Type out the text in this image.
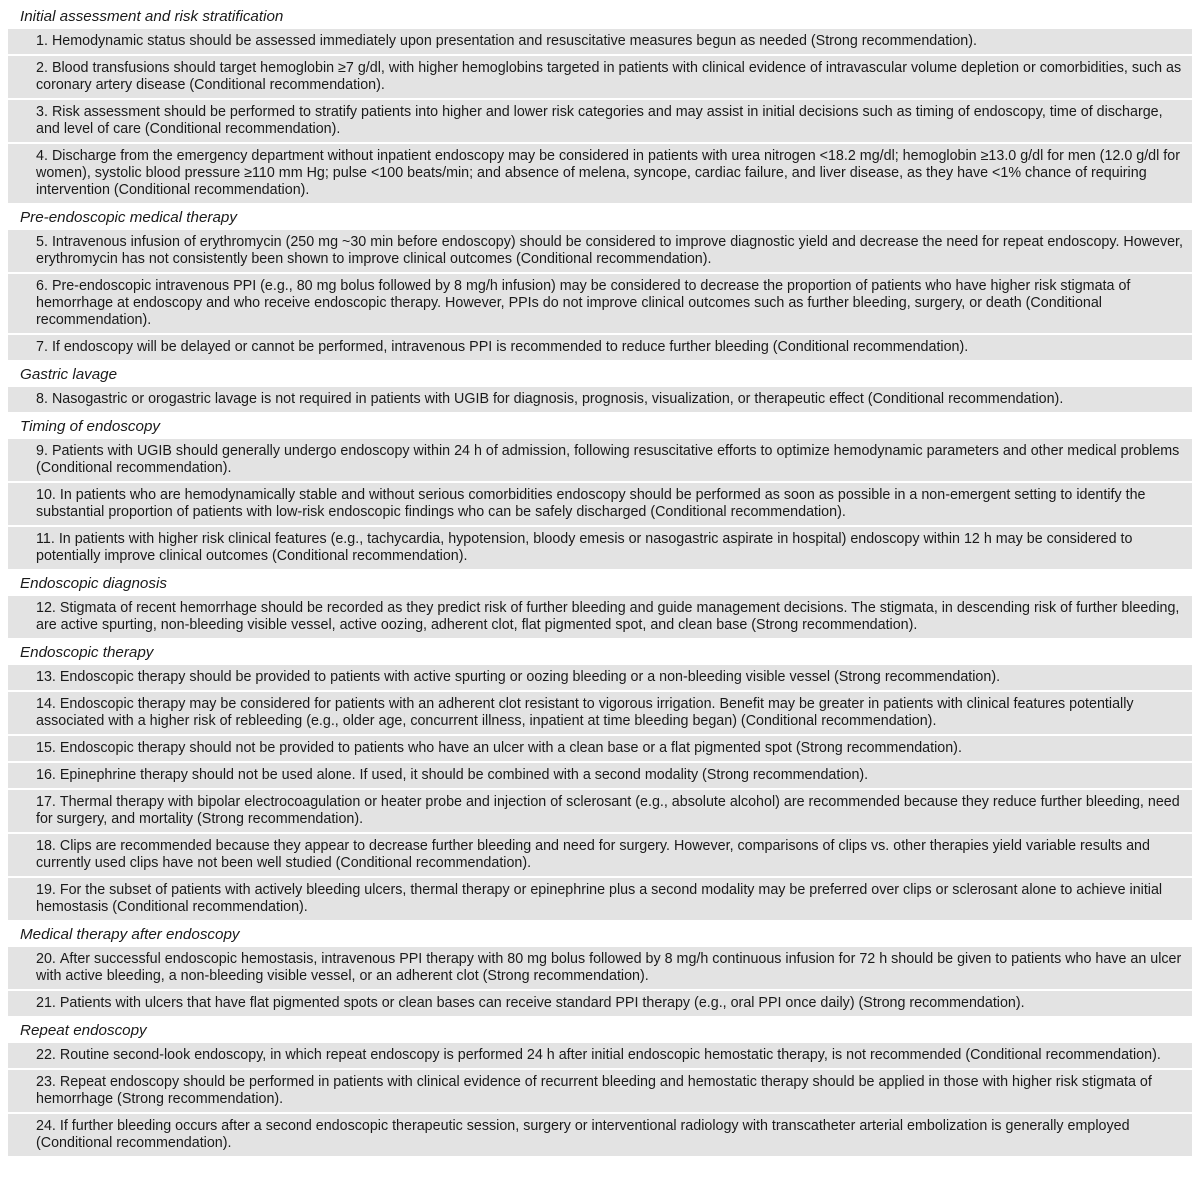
Initial assessment and risk stratification
1. Hemodynamic status should be assessed immediately upon presentation and resuscitative measures begun as needed (Strong recommendation).
2. Blood transfusions should target hemoglobin ≥7 g/dl, with higher hemoglobins targeted in patients with clinical evidence of intravascular volume depletion or comorbidities, such as coronary artery disease (Conditional recommendation).
3. Risk assessment should be performed to stratify patients into higher and lower risk categories and may assist in initial decisions such as timing of endoscopy, time of discharge, and level of care (Conditional recommendation).
4. Discharge from the emergency department without inpatient endoscopy may be considered in patients with urea nitrogen <18.2 mg/dl; hemoglobin ≥13.0 g/dl for men (12.0 g/dl for women), systolic blood pressure ≥110 mm Hg; pulse <100 beats/min; and absence of melena, syncope, cardiac failure, and liver disease, as they have <1% chance of requiring intervention (Conditional recommendation).
Pre-endoscopic medical therapy
5. Intravenous infusion of erythromycin (250 mg ~30 min before endoscopy) should be considered to improve diagnostic yield and decrease the need for repeat endoscopy. However, erythromycin has not consistently been shown to improve clinical outcomes (Conditional recommendation).
6. Pre-endoscopic intravenous PPI (e.g., 80 mg bolus followed by 8 mg/h infusion) may be considered to decrease the proportion of patients who have higher risk stigmata of hemorrhage at endoscopy and who receive endoscopic therapy. However, PPIs do not improve clinical outcomes such as further bleeding, surgery, or death (Conditional recommendation).
7. If endoscopy will be delayed or cannot be performed, intravenous PPI is recommended to reduce further bleeding (Conditional recommendation).
Gastric lavage
8. Nasogastric or orogastric lavage is not required in patients with UGIB for diagnosis, prognosis, visualization, or therapeutic effect (Conditional recommendation).
Timing of endoscopy
9. Patients with UGIB should generally undergo endoscopy within 24 h of admission, following resuscitative efforts to optimize hemodynamic parameters and other medical problems (Conditional recommendation).
10. In patients who are hemodynamically stable and without serious comorbidities endoscopy should be performed as soon as possible in a non-emergent setting to identify the substantial proportion of patients with low-risk endoscopic findings who can be safely discharged (Conditional recommendation).
11. In patients with higher risk clinical features (e.g., tachycardia, hypotension, bloody emesis or nasogastric aspirate in hospital) endoscopy within 12 h may be considered to potentially improve clinical outcomes (Conditional recommendation).
Endoscopic diagnosis
12. Stigmata of recent hemorrhage should be recorded as they predict risk of further bleeding and guide management decisions. The stigmata, in descending risk of further bleeding, are active spurting, non-bleeding visible vessel, active oozing, adherent clot, flat pigmented spot, and clean base (Strong recommendation).
Endoscopic therapy
13. Endoscopic therapy should be provided to patients with active spurting or oozing bleeding or a non-bleeding visible vessel (Strong recommendation).
14. Endoscopic therapy may be considered for patients with an adherent clot resistant to vigorous irrigation. Benefit may be greater in patients with clinical features potentially associated with a higher risk of rebleeding (e.g., older age, concurrent illness, inpatient at time bleeding began) (Conditional recommendation).
15. Endoscopic therapy should not be provided to patients who have an ulcer with a clean base or a flat pigmented spot (Strong recommendation).
16. Epinephrine therapy should not be used alone. If used, it should be combined with a second modality (Strong recommendation).
17. Thermal therapy with bipolar electrocoagulation or heater probe and injection of sclerosant (e.g., absolute alcohol) are recommended because they reduce further bleeding, need for surgery, and mortality (Strong recommendation).
18. Clips are recommended because they appear to decrease further bleeding and need for surgery. However, comparisons of clips vs. other therapies yield variable results and currently used clips have not been well studied (Conditional recommendation).
19. For the subset of patients with actively bleeding ulcers, thermal therapy or epinephrine plus a second modality may be preferred over clips or sclerosant alone to achieve initial hemostasis (Conditional recommendation).
Medical therapy after endoscopy
20. After successful endoscopic hemostasis, intravenous PPI therapy with 80 mg bolus followed by 8 mg/h continuous infusion for 72 h should be given to patients who have an ulcer with active bleeding, a non-bleeding visible vessel, or an adherent clot (Strong recommendation).
21. Patients with ulcers that have flat pigmented spots or clean bases can receive standard PPI therapy (e.g., oral PPI once daily) (Strong recommendation).
Repeat endoscopy
22. Routine second-look endoscopy, in which repeat endoscopy is performed 24 h after initial endoscopic hemostatic therapy, is not recommended (Conditional recommendation).
23. Repeat endoscopy should be performed in patients with clinical evidence of recurrent bleeding and hemostatic therapy should be applied in those with higher risk stigmata of hemorrhage (Strong recommendation).
24. If further bleeding occurs after a second endoscopic therapeutic session, surgery or interventional radiology with transcatheter arterial embolization is generally employed (Conditional recommendation).
